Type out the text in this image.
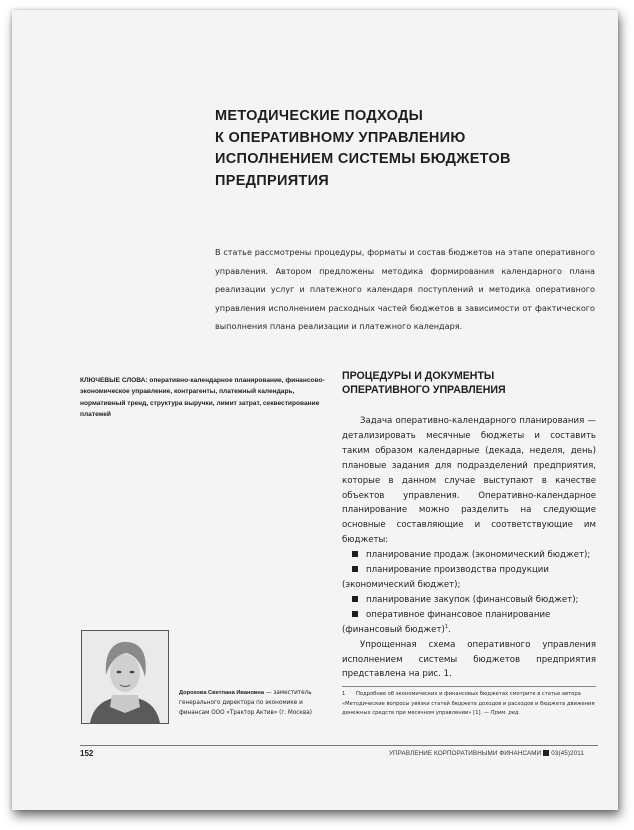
МЕТОДИЧЕСКИЕ ПОДХОДЫ
К ОПЕРАТИВНОМУ УПРАВЛЕНИЮ
ИСПОЛНЕНИЕМ СИСТЕМЫ БЮДЖЕТОВ
ПРЕДПРИЯТИЯ

В статье рассмотрены процедуры, форматы и состав бюджетов на этапе оперативного управления. Автором предложены методика формирования календарного плана реализации услуг и платежного календаря поступлений и методика оперативного управления исполнением расходных частей бюджетов в зависимости от фактического выполнения плана реализации и платежного календаря.

КЛЮЧЕВЫЕ СЛОВА: оперативно-календарное планирование, финансово-экономическое управление, контрагенты, платежный календарь, нормативный тренд, структура выручки, лимит затрат, секвестирование платежей

ПРОЦЕДУРЫ И ДОКУМЕНТЫ
ОПЕРАТИВНОГО УПРАВЛЕНИЯ

Задача оперативно-календарного планирования — детализировать месячные бюджеты и составить таким образом календарные (декада, неделя, день) плановые задания для подразделений предприятия, которые в данном случае выступают в качестве объектов управления. Оперативно-календарное планирование можно разделить на следующие основные составляющие и соответствующие им бюджеты:

планирование продаж (экономический бюджет);
планирование производства продукции (экономический бюджет);
планирование закупок (финансовый бюджет);
оперативное финансовое планирование (финансовый бюджет)$^1$.

Упрощенная схема оперативного управления исполнением системы бюджетов предприятия представлена на рис. 1.

Дорохова Светлана Ивановна — заместитель генерального директора по экономике и финансам ООО «Трактор Актив» (г. Москва)

1 Подробнее об экономических и финансовых бюджетах смотрите в статье автора «Методические вопросы увязки статей бюджета доходов и расходов и бюджета движения денежных средств при месячном управлении» [1]. — Прим. ред.

152	УПРАВЛЕНИЕ КОРПОРАТИВНЫМИ ФИНАНСАМИ 03(45)2011
